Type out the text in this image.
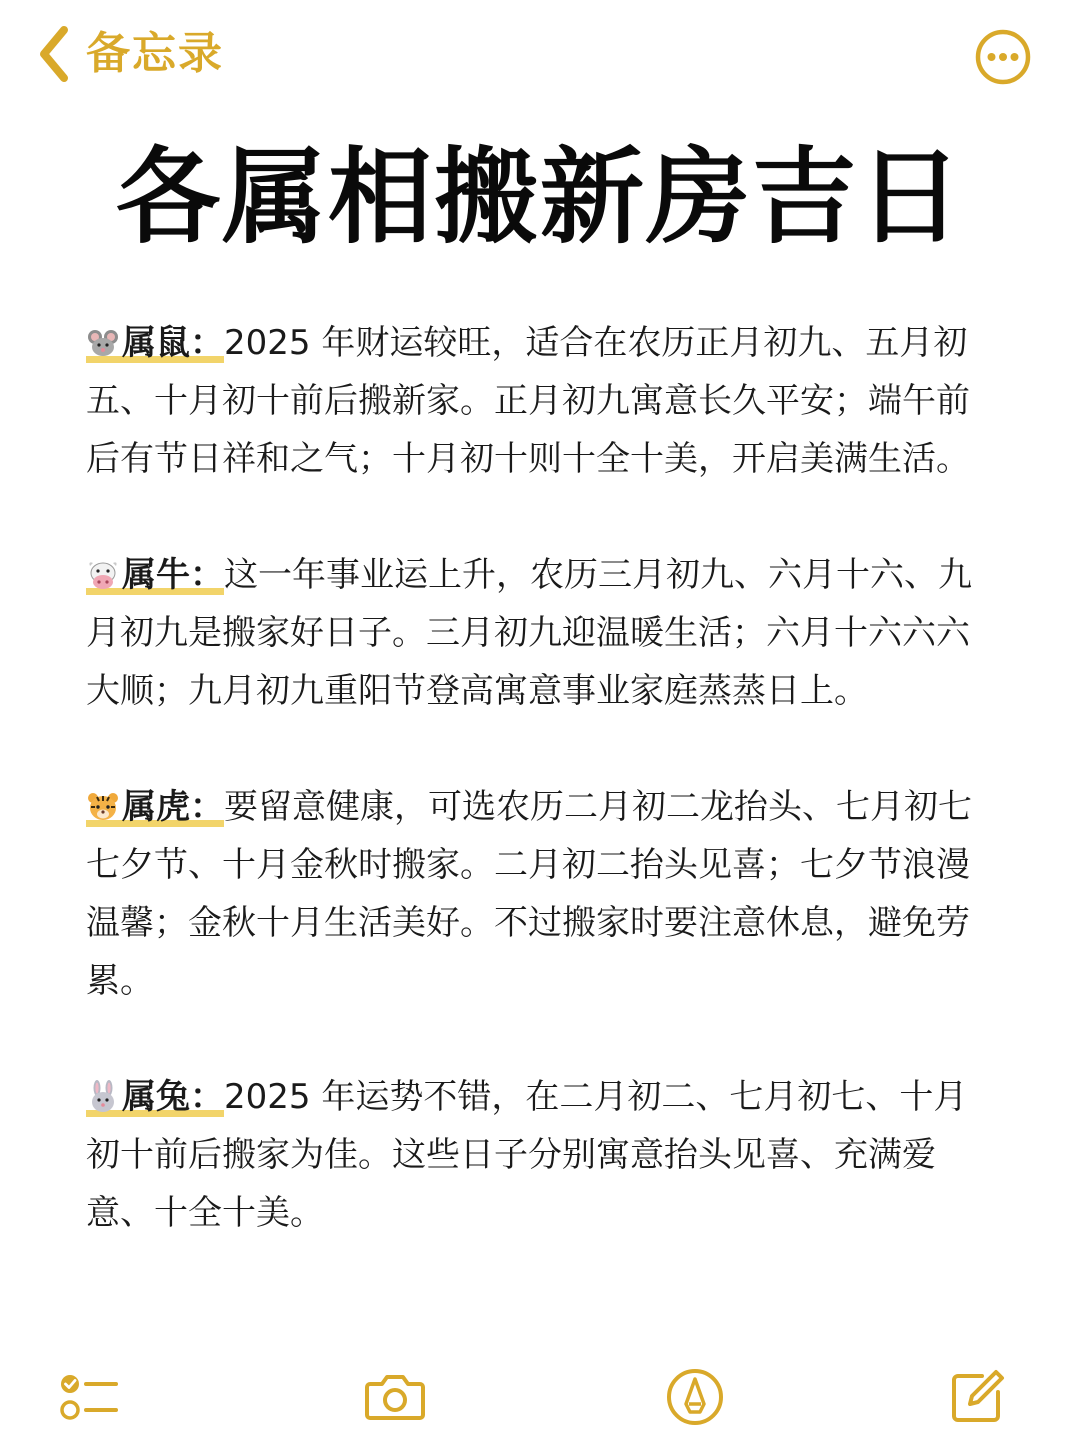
备忘录
各属相搬新房吉日
属鼠：2025 年财运较旺，适合在农历正月初九、五月初五、十月初十前后搬新家。正月初九寓意长久平安；端午前后有节日祥和之气；十月初十则十全十美，开启美满生活。
属牛：这一年事业运上升，农历三月初九、六月十六、九月初九是搬家好日子。三月初九迎温暖生活；六月十六六六大顺；九月初九重阳节登高寓意事业家庭蒸蒸日上。
属虎：要留意健康，可选农历二月初二龙抬头、七月初七七夕节、十月金秋时搬家。二月初二抬头见喜；七夕节浪漫温馨；金秋十月生活美好。不过搬家时要注意休息，避免劳累。
属兔：2025 年运势不错，在二月初二、七月初七、十月初十前后搬家为佳。这些日子分别寓意抬头见喜、充满爱意、十全十美。
